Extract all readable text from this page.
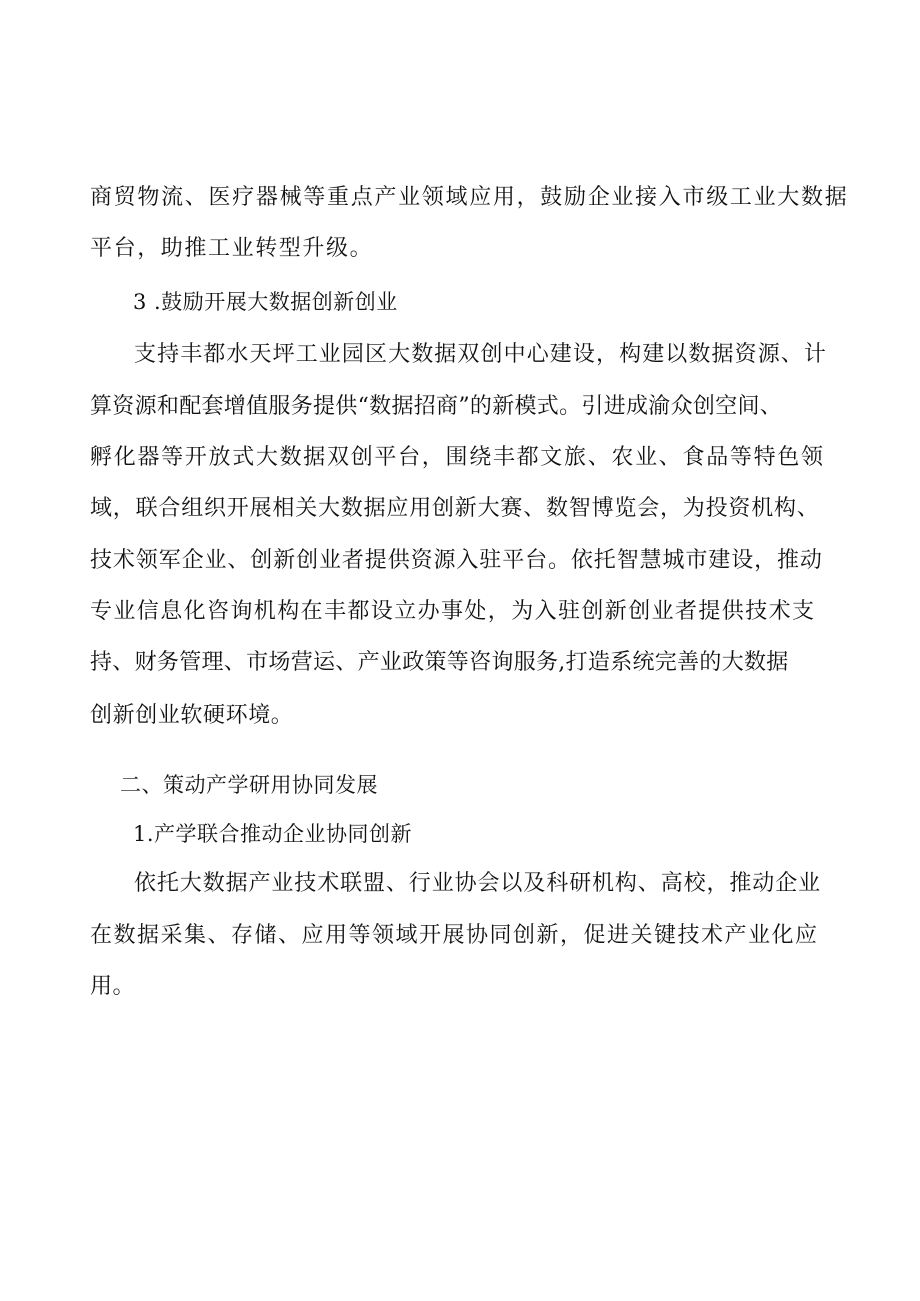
商贸物流、医疗器械等重点产业领域应用，鼓励企业接入市级工业大数据
平台，助推工业转型升级。
3 .鼓励开展大数据创新创业
支持丰都水天坪工业园区大数据双创中心建设，构建以数据资源、计
算资源和配套增值服务提供“数据招商”的新模式。引进成渝众创空间、
孵化器等开放式大数据双创平台，围绕丰都文旅、农业、食品等特色领
域，联合组织开展相关大数据应用创新大赛、数智博览会，为投资机构、
技术领军企业、创新创业者提供资源入驻平台。依托智慧城市建设，推动
专业信息化咨询机构在丰都设立办事处，为入驻创新创业者提供技术支
持、财务管理、市场营运、产业政策等咨询服务,打造系统完善的大数据
创新创业软硬环境。
二、策动产学研用协同发展
1.产学联合推动企业协同创新
依托大数据产业技术联盟、行业协会以及科研机构、高校，推动企业
在数据采集、存储、应用等领域开展协同创新，促进关键技术产业化应
用。
